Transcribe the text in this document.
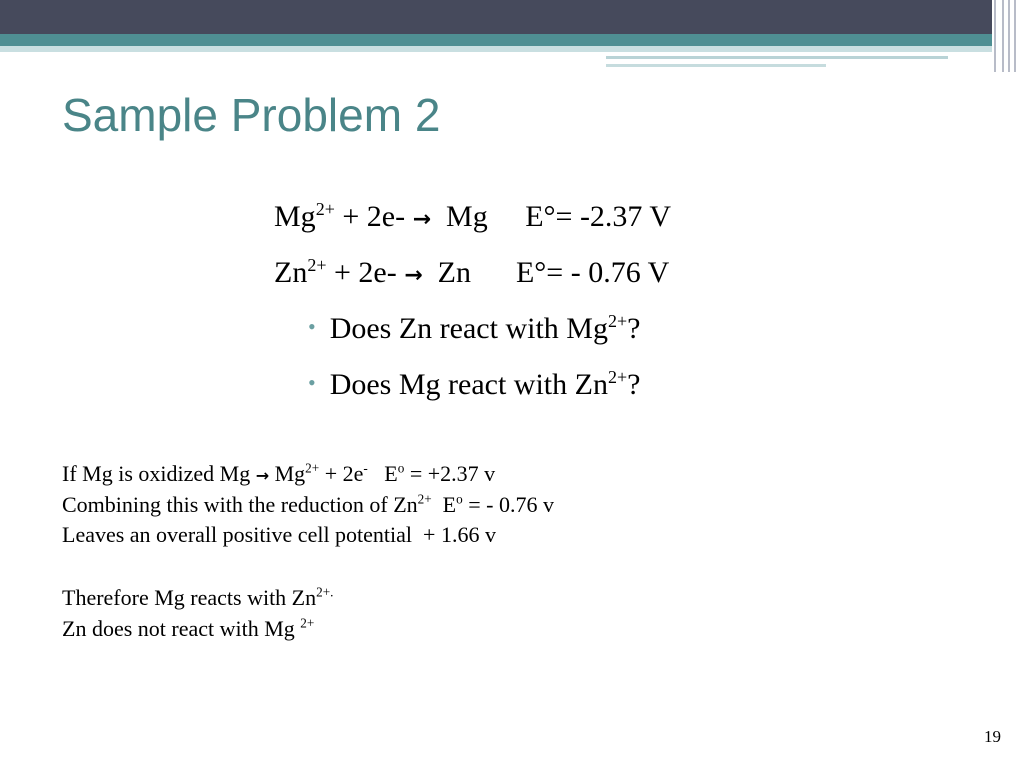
Sample Problem 2
$Mg^{2+} + 2e- \to Mg$     E°= -2.37 V
$Zn^{2+} + 2e- \to Zn$      E°= - 0.76 V
• Does Zn react with $Mg^{2+}$?
• Does Mg react with $Zn^{2+}$?
If Mg is oxidized $Mg \to Mg^{2+} + 2e^-$   $E^o = +2.37$ v
Combining this with the reduction of $Zn^{2+}$  $E^o$ = - 0.76 v
Leaves an overall positive cell potential  + 1.66 v
Therefore Mg reacts with $Zn^{2+.}$
Zn does not react with Mg $^{2+}$
19
